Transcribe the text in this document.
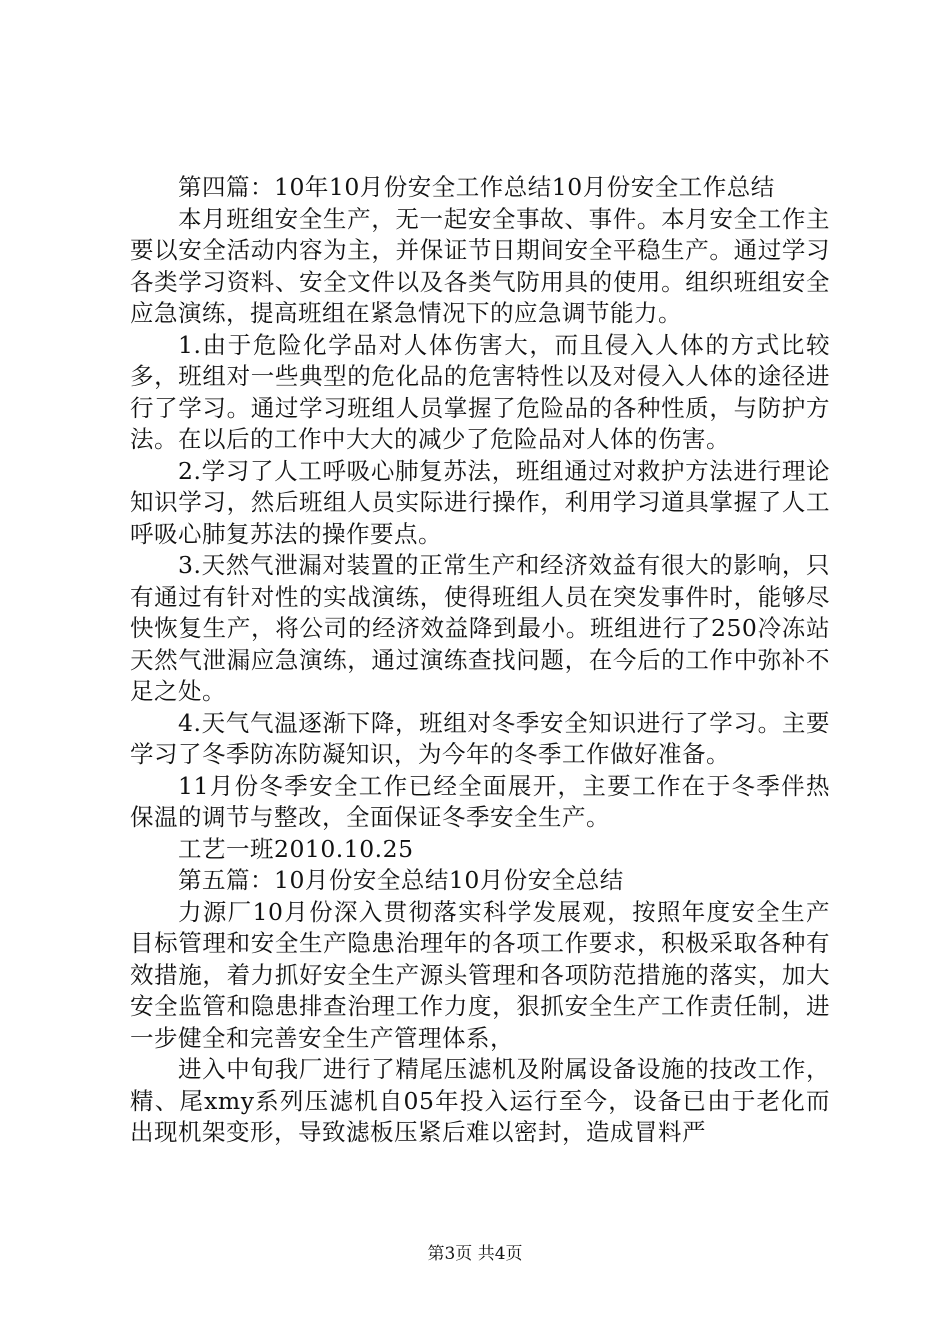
第四篇：10年10月份安全工作总结10月份安全工作总结

本月班组安全生产，无一起安全事故、事件。本月安全工作主要以安全活动内容为主，并保证节日期间安全平稳生产。通过学习各类学习资料、安全文件以及各类气防用具的使用。组织班组安全应急演练，提高班组在紧急情况下的应急调节能力。

1.由于危险化学品对人体伤害大，而且侵入人体的方式比较多，班组对一些典型的危化品的危害特性以及对侵入人体的途径进行了学习。通过学习班组人员掌握了危险品的各种性质，与防护方法。在以后的工作中大大的减少了危险品对人体的伤害。

2.学习了人工呼吸心肺复苏法，班组通过对救护方法进行理论知识学习，然后班组人员实际进行操作，利用学习道具掌握了人工呼吸心肺复苏法的操作要点。

3.天然气泄漏对装置的正常生产和经济效益有很大的影响，只有通过有针对性的实战演练，使得班组人员在突发事件时，能够尽快恢复生产，将公司的经济效益降到最小。班组进行了250冷冻站天然气泄漏应急演练，通过演练查找问题，在今后的工作中弥补不足之处。

4.天气气温逐渐下降，班组对冬季安全知识进行了学习。主要学习了冬季防冻防凝知识，为今年的冬季工作做好准备。

11月份冬季安全工作已经全面展开，主要工作在于冬季伴热保温的调节与整改，全面保证冬季安全生产。

工艺一班2010.10.25

第五篇：10月份安全总结10月份安全总结

力源厂10月份深入贯彻落实科学发展观，按照年度安全生产目标管理和安全生产隐患治理年的各项工作要求，积极采取各种有效措施，着力抓好安全生产源头管理和各项防范措施的落实，加大安全监管和隐患排查治理工作力度，狠抓安全生产工作责任制，进一步健全和完善安全生产管理体系，

进入中旬我厂进行了精尾压滤机及附属设备设施的技改工作，精、尾xmy系列压滤机自05年投入运行至今，设备已由于老化而出现机架变形，导致滤板压紧后难以密封，造成冒料严

第3页 共4页
